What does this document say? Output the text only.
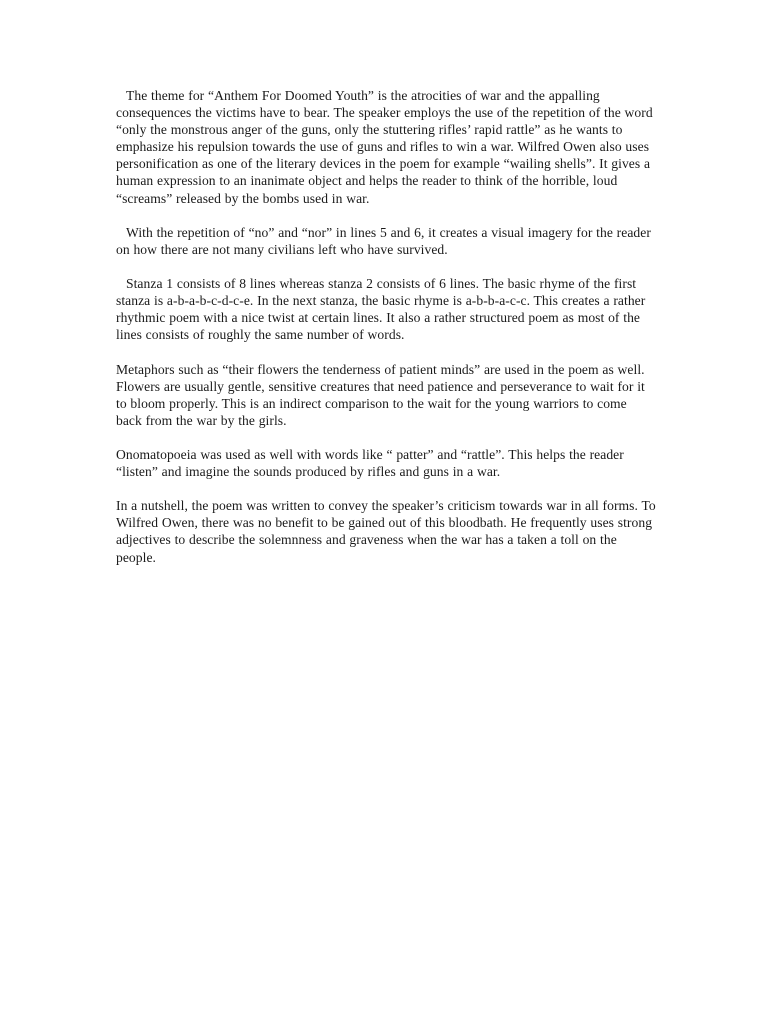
The theme for “Anthem For Doomed Youth” is the atrocities of war and the appalling consequences the victims have to bear. The speaker employs the use of the repetition of the word “only the monstrous anger of the guns, only the stuttering rifles’ rapid rattle” as he wants to emphasize his repulsion towards the use of guns and rifles to win a war. Wilfred Owen also uses personification as one of the literary devices in the poem for example “wailing shells”. It gives a human expression to an inanimate object and helps the reader to think of the horrible, loud “screams” released by the bombs used in war.

With the repetition of “no” and “nor” in lines 5 and 6, it creates a visual imagery for the reader on how there are not many civilians left who have survived.

Stanza 1 consists of 8 lines whereas stanza 2 consists of 6 lines. The basic rhyme of the first stanza is a-b-a-b-c-d-c-e. In the next stanza, the basic rhyme is a-b-b-a-c-c. This creates a rather rhythmic poem with a nice twist at certain lines. It also a rather structured poem as most of the lines consists of roughly the same number of words.

Metaphors such as “their flowers the tenderness of patient minds” are used in the poem as well. Flowers are usually gentle, sensitive creatures that need patience and perseverance to wait for it to bloom properly. This is an indirect comparison to the wait for the young warriors to come back from the war by the girls.

Onomatopoeia was used as well with words like “ patter” and “rattle”. This helps the reader “listen” and imagine the sounds produced by rifles and guns in a war.

In a nutshell, the poem was written to convey the speaker’s criticism towards war in all forms. To Wilfred Owen, there was no benefit to be gained out of this bloodbath. He frequently uses strong adjectives to describe the solemnness and graveness when the war has a taken a toll on the people.
